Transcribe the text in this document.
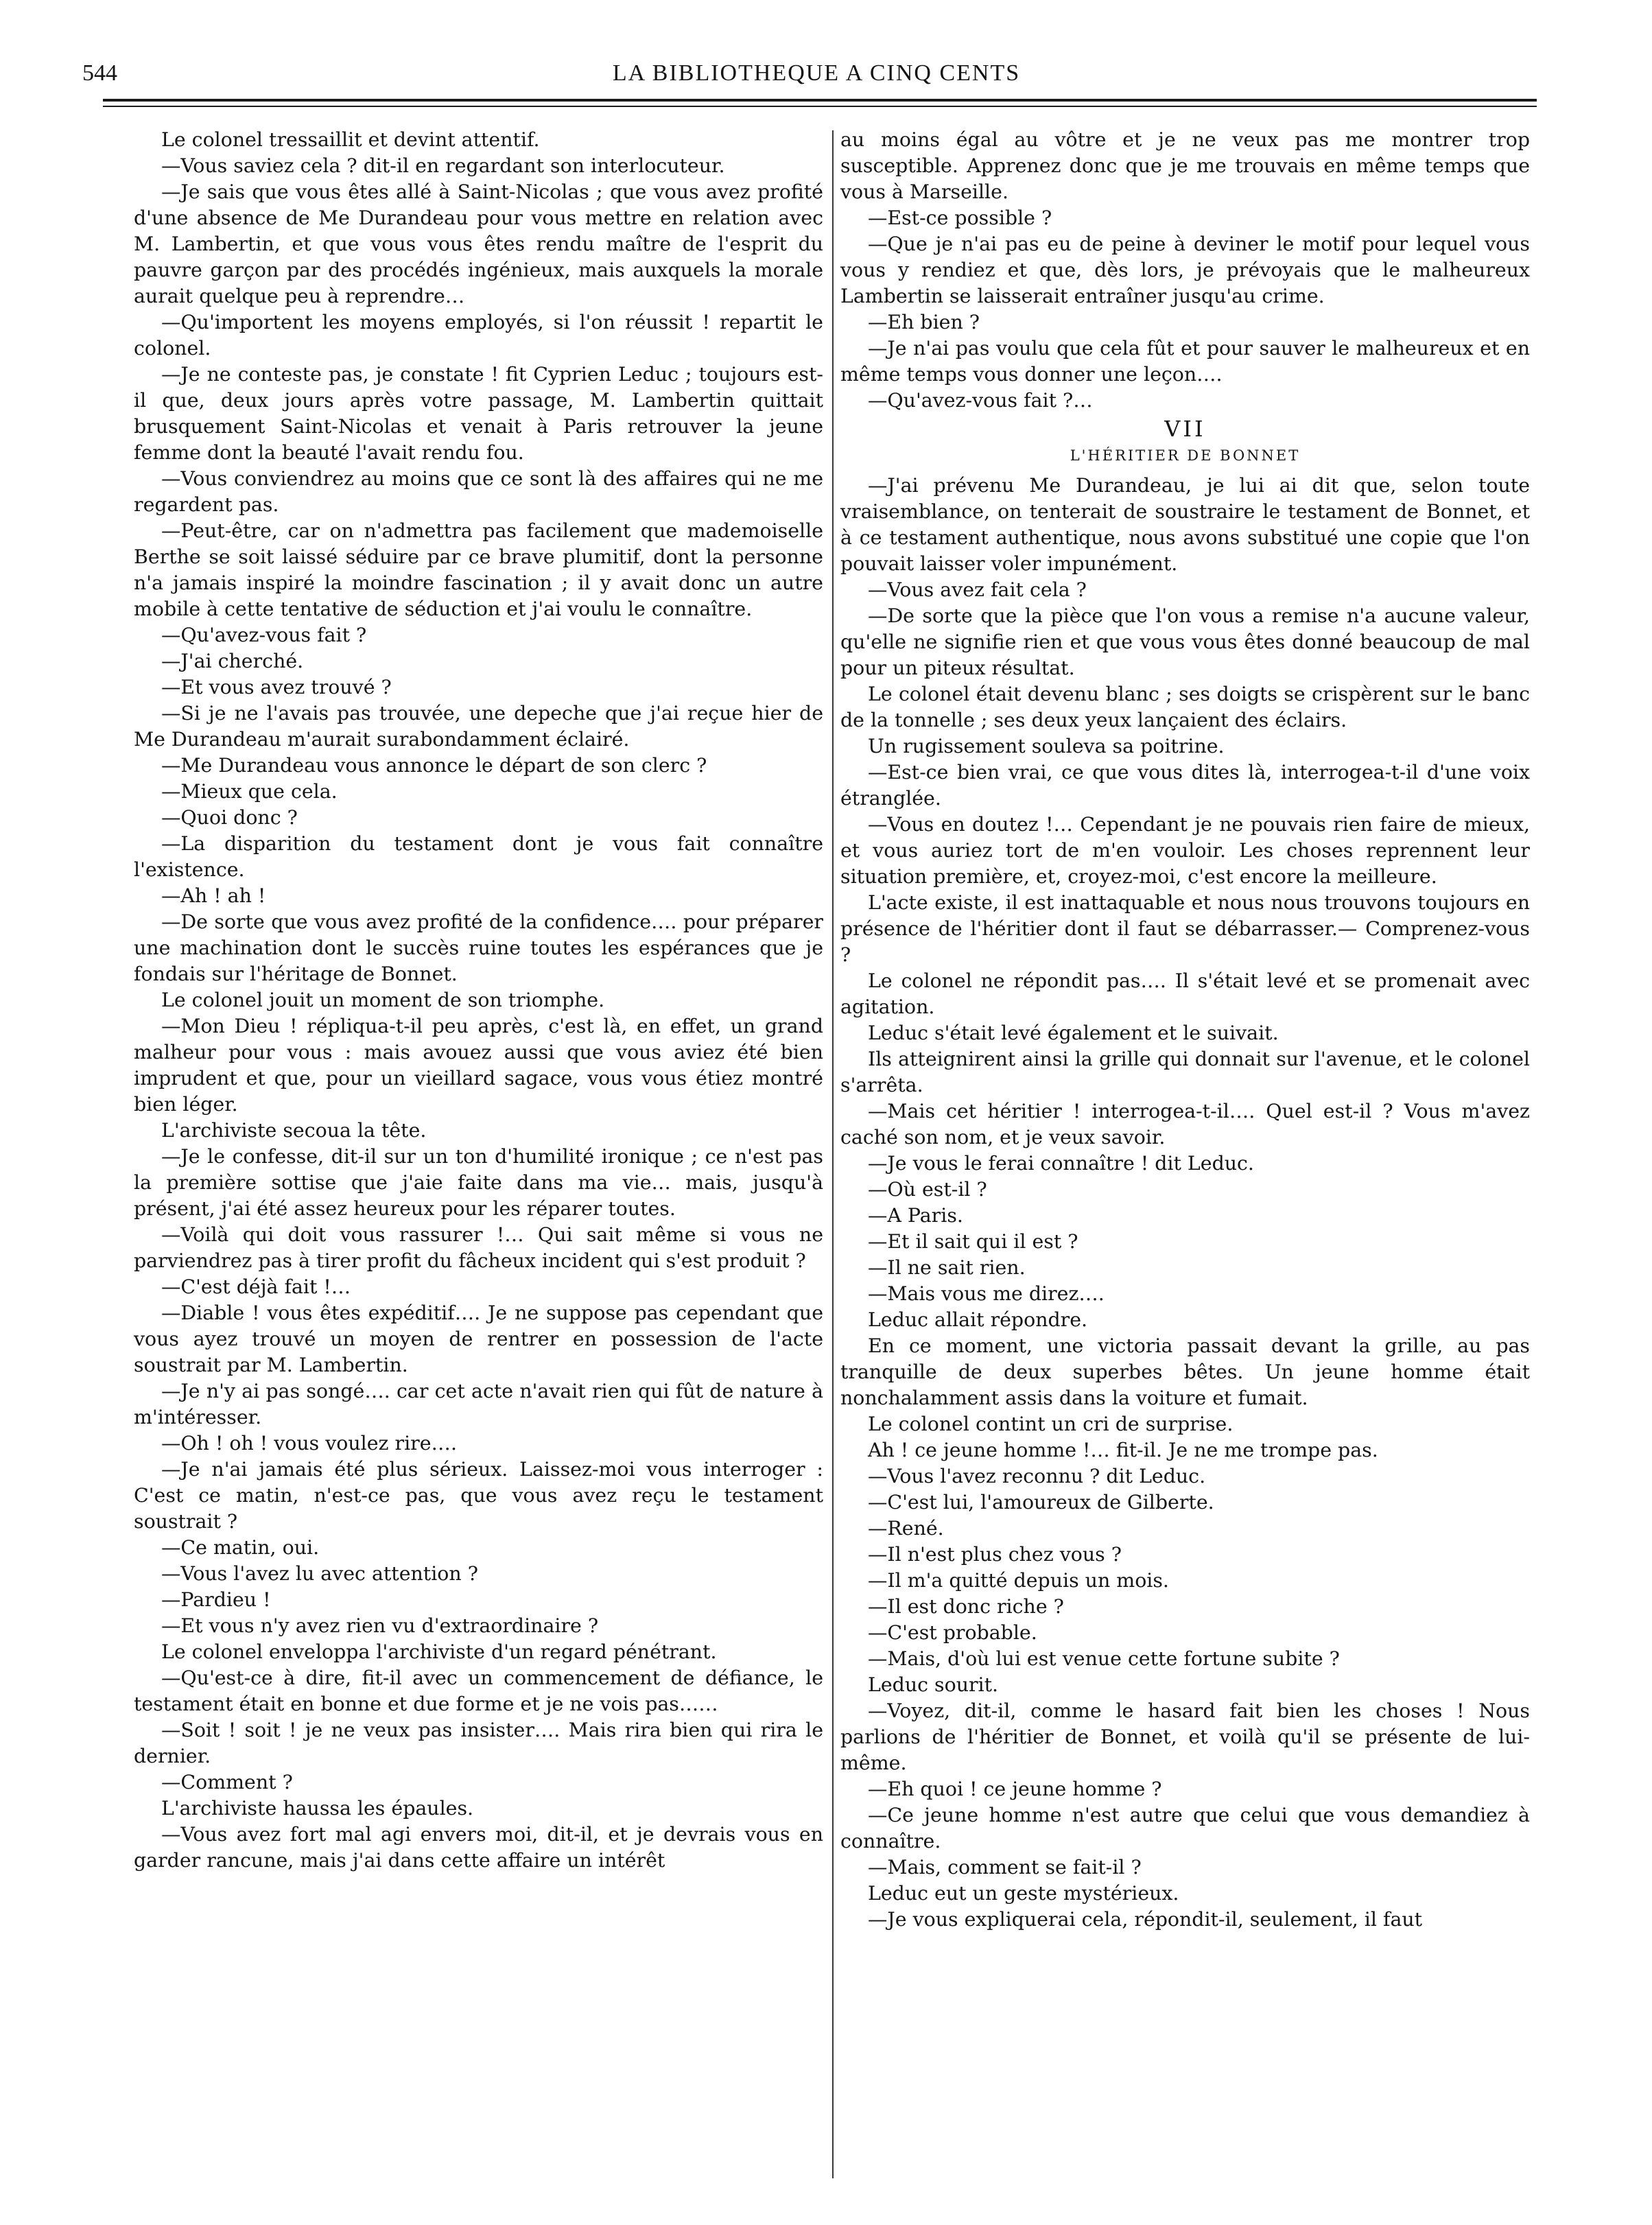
544	LA BIBLIOTHEQUE A CINQ CENTS

Le colonel tressaillit et devint attentif.

—Vous saviez cela ? dit-il en regardant son interlocuteur.

—Je sais que vous êtes allé à Saint-Nicolas ; que vous avez profité d'une absence de Me Durandeau pour vous mettre en relation avec M. Lambertin, et que vous vous êtes rendu maître de l'esprit du pauvre garçon par des procédés ingénieux, mais auxquels la morale aurait quelque peu à reprendre…

—Qu'importent les moyens employés, si l'on réussit ! repartit le colonel.

—Je ne conteste pas, je constate ! fit Cyprien Leduc ; toujours est-il que, deux jours après votre passage, M. Lambertin quittait brusquement Saint-Nicolas et venait à Paris retrouver la jeune femme dont la beauté l'avait rendu fou.

—Vous conviendrez au moins que ce sont là des affaires qui ne me regardent pas.

—Peut-être, car on n'admettra pas facilement que mademoiselle Berthe se soit laissé séduire par ce brave plumitif, dont la personne n'a jamais inspiré la moindre fascination ; il y avait donc un autre mobile à cette tentative de séduction et j'ai voulu le connaître.

—Qu'avez-vous fait ?

—J'ai cherché.

—Et vous avez trouvé ?

—Si je ne l'avais pas trouvée, une depeche que j'ai reçue hier de Me Durandeau m'aurait surabondamment éclairé.

—Me Durandeau vous annonce le départ de son clerc ?

—Mieux que cela.

—Quoi donc ?

—La disparition du testament dont je vous fait connaître l'existence.

—Ah ! ah !

—De sorte que vous avez profité de la confidence…. pour préparer une machination dont le succès ruine toutes les espérances que je fondais sur l'héritage de Bonnet.

Le colonel jouit un moment de son triomphe.

—Mon Dieu ! répliqua-t-il peu après, c'est là, en effet, un grand malheur pour vous : mais avouez aussi que vous aviez été bien imprudent et que, pour un vieillard sagace, vous vous étiez montré bien léger.

L'archiviste secoua la tête.

—Je le confesse, dit-il sur un ton d'humilité ironique ; ce n'est pas la première sottise que j'aie faite dans ma vie… mais, jusqu'à présent, j'ai été assez heureux pour les réparer toutes.

—Voilà qui doit vous rassurer !… Qui sait même si vous ne parviendrez pas à tirer profit du fâcheux incident qui s'est produit ?

—C'est déjà fait !…

—Diable ! vous êtes expéditif…. Je ne suppose pas cependant que vous ayez trouvé un moyen de rentrer en possession de l'acte soustrait par M. Lambertin.

—Je n'y ai pas songé…. car cet acte n'avait rien qui fût de nature à m'intéresser.

—Oh ! oh ! vous voulez rire….

—Je n'ai jamais été plus sérieux. Laissez-moi vous interroger : C'est ce matin, n'est-ce pas, que vous avez reçu le testament soustrait ?

—Ce matin, oui.

—Vous l'avez lu avec attention ?

—Pardieu !

—Et vous n'y avez rien vu d'extraordinaire ?

Le colonel enveloppa l'archiviste d'un regard pénétrant.

—Qu'est-ce à dire, fit-il avec un commencement de défiance, le testament était en bonne et due forme et je ne vois pas……

—Soit ! soit ! je ne veux pas insister…. Mais rira bien qui rira le dernier.

—Comment ?

L'archiviste haussa les épaules.

—Vous avez fort mal agi envers moi, dit-il, et je devrais vous en garder rancune, mais j'ai dans cette affaire un intérêt

au moins égal au vôtre et je ne veux pas me montrer trop susceptible. Apprenez donc que je me trouvais en même temps que vous à Marseille.

—Est-ce possible ?

—Que je n'ai pas eu de peine à deviner le motif pour lequel vous vous y rendiez et que, dès lors, je prévoyais que le malheureux Lambertin se laisserait entraîner jusqu'au crime.

—Eh bien ?

—Je n'ai pas voulu que cela fût et pour sauver le malheureux et en même temps vous donner une leçon….

—Qu'avez-vous fait ?…

VII
L'HÉRITIER DE BONNET

—J'ai prévenu Me Durandeau, je lui ai dit que, selon toute vraisemblance, on tenterait de soustraire le testament de Bonnet, et à ce testament authentique, nous avons substitué une copie que l'on pouvait laisser voler impunément.

—Vous avez fait cela ?

—De sorte que la pièce que l'on vous a remise n'a aucune valeur, qu'elle ne signifie rien et que vous vous êtes donné beaucoup de mal pour un piteux résultat.

Le colonel était devenu blanc ; ses doigts se crispèrent sur le banc de la tonnelle ; ses deux yeux lançaient des éclairs.

Un rugissement souleva sa poitrine.

—Est-ce bien vrai, ce que vous dites là, interrogea-t-il d'une voix étranglée.

—Vous en doutez !… Cependant je ne pouvais rien faire de mieux, et vous auriez tort de m'en vouloir. Les choses reprennent leur situation première, et, croyez-moi, c'est encore la meilleure.

L'acte existe, il est inattaquable et nous nous trouvons toujours en présence de l'héritier dont il faut se débarrasser.— Comprenez-vous ?

Le colonel ne répondit pas…. Il s'était levé et se promenait avec agitation.

Leduc s'était levé également et le suivait.

Ils atteignirent ainsi la grille qui donnait sur l'avenue, et le colonel s'arrêta.

—Mais cet héritier ! interrogea-t-il…. Quel est-il ? Vous m'avez caché son nom, et je veux savoir.

—Je vous le ferai connaître ! dit Leduc.

—Où est-il ?

—A Paris.

—Et il sait qui il est ?

—Il ne sait rien.

—Mais vous me direz….

Leduc allait répondre.

En ce moment, une victoria passait devant la grille, au pas tranquille de deux superbes bêtes. Un jeune homme était nonchalamment assis dans la voiture et fumait.

Le colonel contint un cri de surprise.

Ah ! ce jeune homme !… fit-il. Je ne me trompe pas.

—Vous l'avez reconnu ? dit Leduc.

—C'est lui, l'amoureux de Gilberte.

—René.

—Il n'est plus chez vous ?

—Il m'a quitté depuis un mois.

—Il est donc riche ?

—C'est probable.

—Mais, d'où lui est venue cette fortune subite ?

Leduc sourit.

—Voyez, dit-il, comme le hasard fait bien les choses ! Nous parlions de l'héritier de Bonnet, et voilà qu'il se présente de lui-même.

—Eh quoi ! ce jeune homme ?

—Ce jeune homme n'est autre que celui que vous demandiez à connaître.

—Mais, comment se fait-il ?

Leduc eut un geste mystérieux.

—Je vous expliquerai cela, répondit-il, seulement, il faut
